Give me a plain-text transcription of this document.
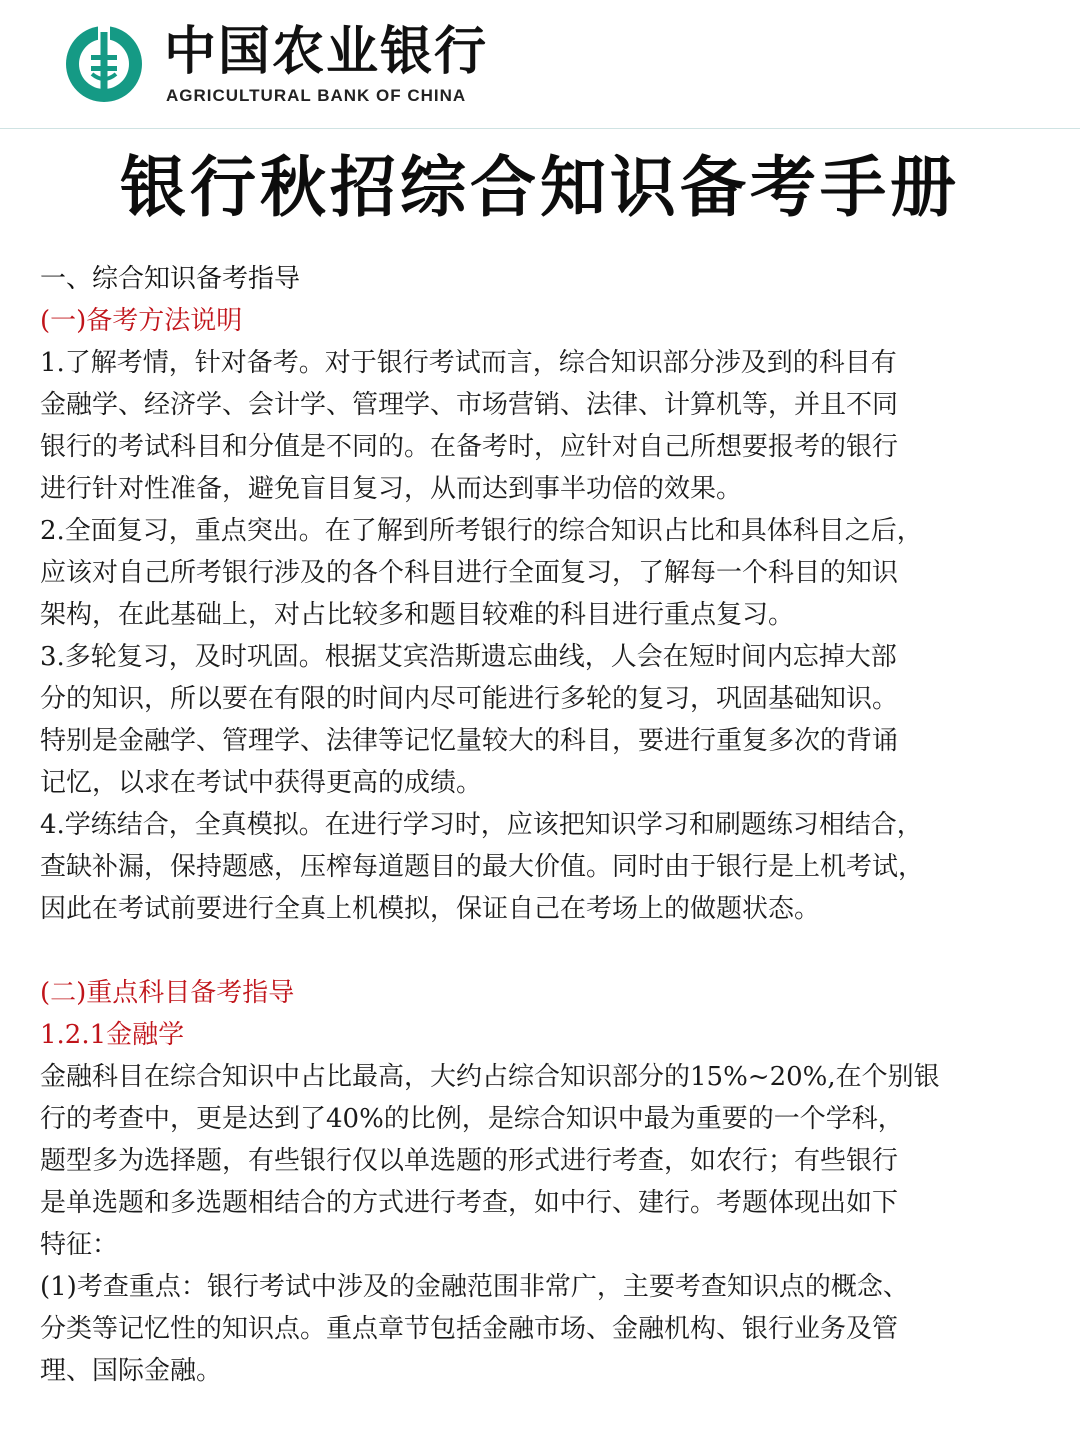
中国农业银行
AGRICULTURAL BANK OF CHINA
银行秋招综合知识备考手册
一、综合知识备考指导
(一)备考方法说明
1.了解考情，针对备考。对于银行考试而言，综合知识部分涉及到的科目有
金融学、经济学、会计学、管理学、市场营销、法律、计算机等，并且不同
银行的考试科目和分值是不同的。在备考时，应针对自己所想要报考的银行
进行针对性准备，避免盲目复习，从而达到事半功倍的效果。
2.全面复习，重点突出。在了解到所考银行的综合知识占比和具体科目之后，
应该对自己所考银行涉及的各个科目进行全面复习，了解每一个科目的知识
架构，在此基础上，对占比较多和题目较难的科目进行重点复习。
3.多轮复习，及时巩固。根据艾宾浩斯遗忘曲线，人会在短时间内忘掉大部
分的知识，所以要在有限的时间内尽可能进行多轮的复习，巩固基础知识。
特别是金融学、管理学、法律等记忆量较大的科目，要进行重复多次的背诵
记忆，以求在考试中获得更高的成绩。
4.学练结合，全真模拟。在进行学习时，应该把知识学习和刷题练习相结合，
查缺补漏，保持题感，压榨每道题目的最大价值。同时由于银行是上机考试，
因此在考试前要进行全真上机模拟，保证自己在考场上的做题状态。
(二)重点科目备考指导
1.2.1金融学
金融科目在综合知识中占比最高，大约占综合知识部分的15%~20%,在个别银
行的考查中，更是达到了40%的比例，是综合知识中最为重要的一个学科，
题型多为选择题，有些银行仅以单选题的形式进行考查，如农行；有些银行
是单选题和多选题相结合的方式进行考查，如中行、建行。考题体现出如下
特征：
(1)考查重点：银行考试中涉及的金融范围非常广，主要考查知识点的概念、
分类等记忆性的知识点。重点章节包括金融市场、金融机构、银行业务及管
理、国际金融。
